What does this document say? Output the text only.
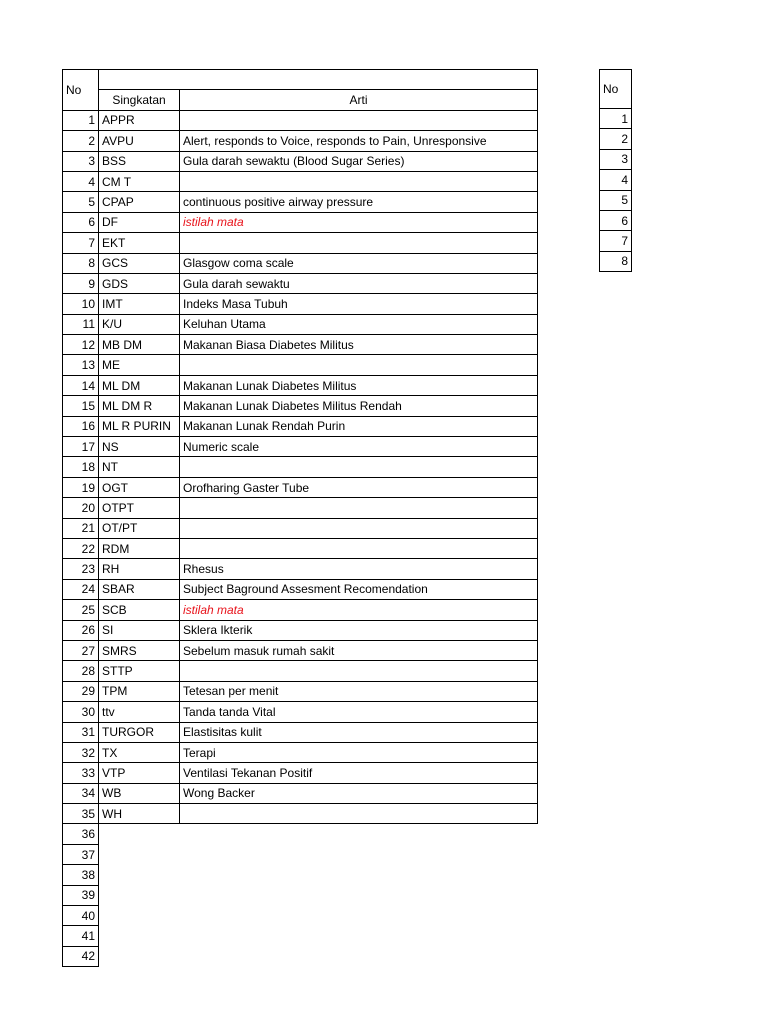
No		
	Singkatan	Arti
1	APPR	
2	AVPU	Alert, responds to Voice, responds to Pain, Unresponsive
3	BSS	Gula darah sewaktu (Blood Sugar Series)
4	CM T	
5	CPAP	continuous positive airway pressure
6	DF	istilah mata
7	EKT	
8	GCS	Glasgow coma scale
9	GDS	Gula darah sewaktu
10	IMT	Indeks Masa Tubuh
11	K/U	Keluhan Utama
12	MB DM	Makanan Biasa Diabetes Militus
13	ME	
14	ML DM	Makanan Lunak Diabetes Militus
15	ML DM R	Makanan Lunak Diabetes Militus Rendah
16	ML R PURIN	Makanan Lunak Rendah Purin
17	NS	Numeric scale
18	NT	
19	OGT	Orofharing Gaster Tube
20	OTPT	
21	OT/PT	
22	RDM	
23	RH	Rhesus
24	SBAR	Subject Baground Assesment Recomendation
25	SCB	istilah mata
26	SI	Sklera Ikterik
27	SMRS	Sebelum masuk rumah sakit
28	STTP	
29	TPM	Tetesan per menit
30	ttv	Tanda tanda Vital
31	TURGOR	Elastisitas kulit
32	TX	Terapi
33	VTP	Ventilasi Tekanan Positif
34	WB	Wong Backer
35	WH	
36		
37		
38		
39		
40		
41		
42		
No
1
2
3
4
5
6
7
8
